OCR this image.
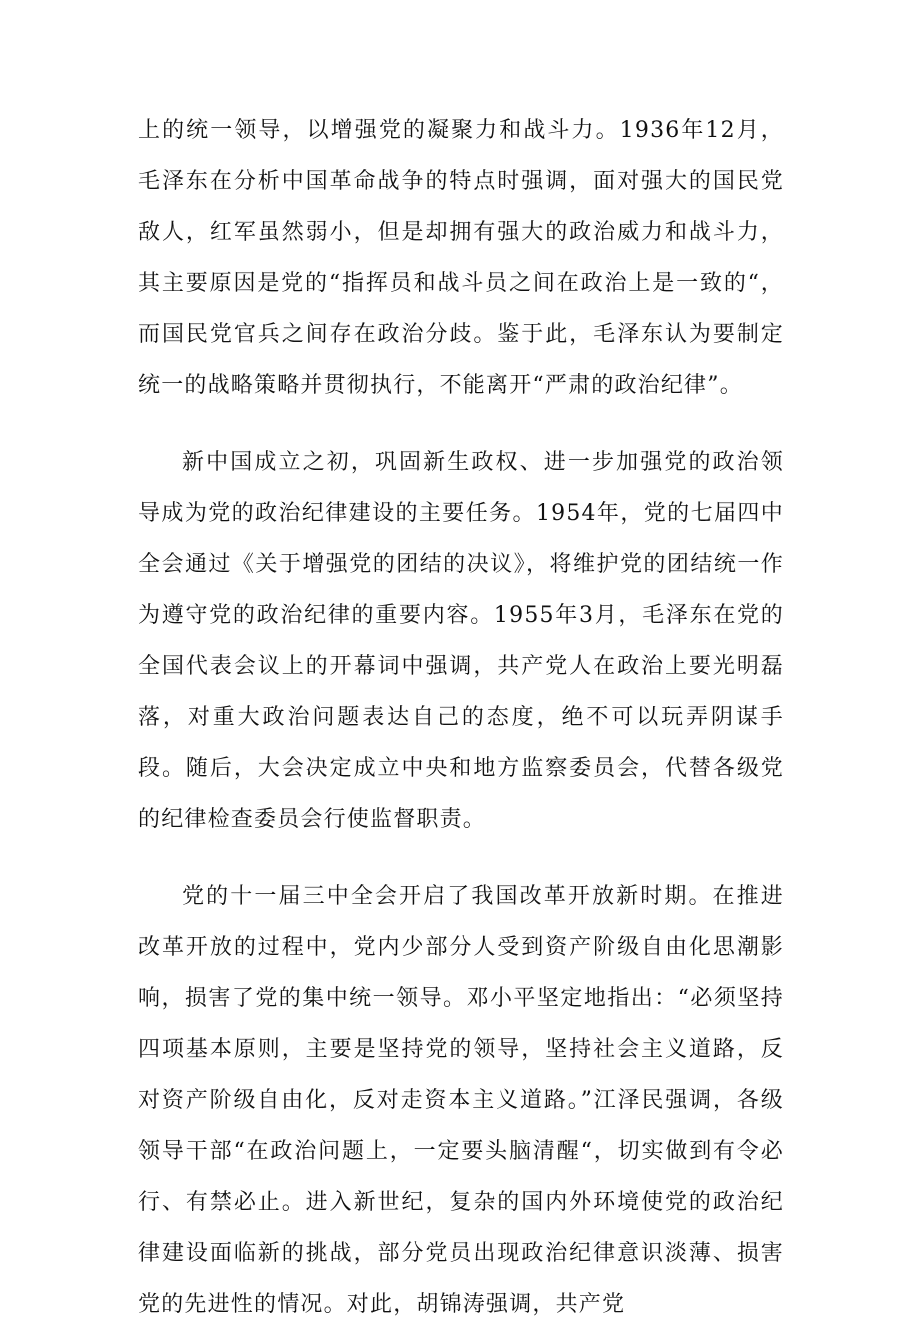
上的统一领导，以增强党的凝聚力和战斗力。1936年12月，毛泽东在分析中国革命战争的特点时强调，面对强大的国民党敌人，红军虽然弱小，但是却拥有强大的政治威力和战斗力，其主要原因是党的“指挥员和战斗员之间在政治上是一致的“，而国民党官兵之间存在政治分歧。鉴于此，毛泽东认为要制定统一的战略策略并贯彻执行，不能离开“严肃的政治纪律”。

新中国成立之初，巩固新生政权、进一步加强党的政治领导成为党的政治纪律建设的主要任务。1954年，党的七届四中全会通过《关于增强党的团结的决议》，将维护党的团结统一作为遵守党的政治纪律的重要内容。1955年3月，毛泽东在党的全国代表会议上的开幕词中强调，共产党人在政治上要光明磊落，对重大政治问题表达自己的态度，绝不可以玩弄阴谋手段。随后，大会决定成立中央和地方监察委员会，代替各级党的纪律检查委员会行使监督职责。

党的十一届三中全会开启了我国改革开放新时期。在推进改革开放的过程中，党内少部分人受到资产阶级自由化思潮影响，损害了党的集中统一领导。邓小平坚定地指出：“必须坚持四项基本原则，主要是坚持党的领导，坚持社会主义道路，反对资产阶级自由化，反对走资本主义道路。”江泽民强调，各级领导干部“在政治问题上，一定要头脑清醒“，切实做到有令必行、有禁必止。进入新世纪，复杂的国内外环境使党的政治纪律建设面临新的挑战，部分党员出现政治纪律意识淡薄、损害党的先进性的情况。对此，胡锦涛强调，共产党
